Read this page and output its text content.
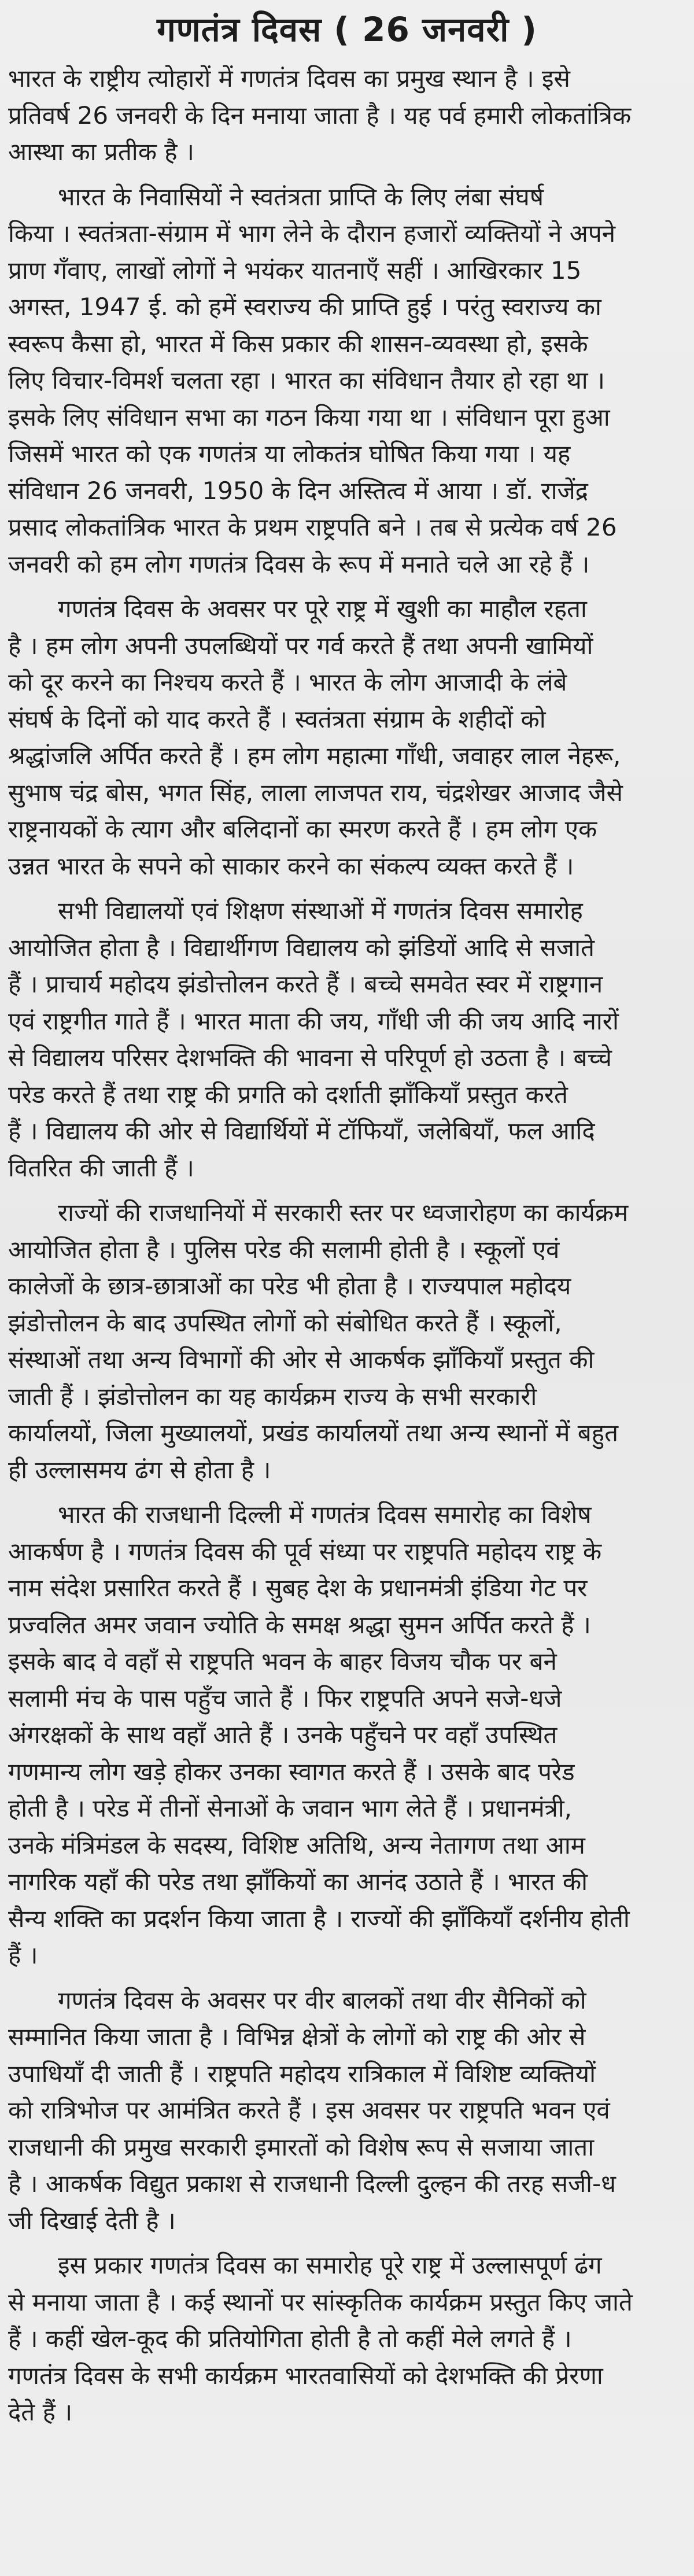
गणतंत्र दिवस ( 26 जनवरी )
भारत के राष्ट्रीय त्योहारों में गणतंत्र दिवस का प्रमुख स्थान है । इसे
प्रतिवर्ष 26 जनवरी के दिन मनाया जाता है । यह पर्व हमारी लोकतांत्रिक
आस्था का प्रतीक है ।
भारत के निवासियों ने स्वतंत्रता प्राप्ति के लिए लंबा संघर्ष
किया । स्वतंत्रता-संग्राम में भाग लेने के दौरान हजारों व्यक्तियों ने अपने
प्राण गँवाए, लाखों लोगों ने भयंकर यातनाएँ सहीं । आखिरकार 15
अगस्त, 1947 ई. को हमें स्वराज्य की प्राप्ति हुई । परंतु स्वराज्य का
स्वरूप कैसा हो, भारत में किस प्रकार की शासन-व्यवस्था हो, इसके
लिए विचार-विमर्श चलता रहा । भारत का संविधान तैयार हो रहा था ।
इसके लिए संविधान सभा का गठन किया गया था । संविधान पूरा हुआ
जिसमें भारत को एक गणतंत्र या लोकतंत्र घोषित किया गया । यह
संविधान 26 जनवरी, 1950 के दिन अस्तित्व में आया । डॉ. राजेंद्र
प्रसाद लोकतांत्रिक भारत के प्रथम राष्ट्रपति बने । तब से प्रत्येक वर्ष 26
जनवरी को हम लोग गणतंत्र दिवस के रूप में मनाते चले आ रहे हैं ।
गणतंत्र दिवस के अवसर पर पूरे राष्ट्र में खुशी का माहौल रहता
है । हम लोग अपनी उपलब्धियों पर गर्व करते हैं तथा अपनी खामियों
को दूर करने का निश्चय करते हैं । भारत के लोग आजादी के लंबे
संघर्ष के दिनों को याद करते हैं । स्वतंत्रता संग्राम के शहीदों को
श्रद्धांजलि अर्पित करते हैं । हम लोग महात्मा गाँधी, जवाहर लाल नेहरू,
सुभाष चंद्र बोस, भगत सिंह, लाला लाजपत राय, चंद्रशेखर आजाद जैसे
राष्ट्रनायकों के त्याग और बलिदानों का स्मरण करते हैं । हम लोग एक
उन्नत भारत के सपने को साकार करने का संकल्प व्यक्त करते हैं ।
सभी विद्यालयों एवं शिक्षण संस्थाओं में गणतंत्र दिवस समारोह
आयोजित होता है । विद्यार्थीगण विद्यालय को झंडियों आदि से सजाते
हैं । प्राचार्य महोदय झंडोत्तोलन करते हैं । बच्चे समवेत स्वर में राष्ट्रगान
एवं राष्ट्रगीत गाते हैं । भारत माता की जय, गाँधी जी की जय आदि नारों
से विद्यालय परिसर देशभक्ति की भावना से परिपूर्ण हो उठता है । बच्चे
परेड करते हैं तथा राष्ट्र की प्रगति को दर्शाती झाँकियाँ प्रस्तुत करते
हैं । विद्यालय की ओर से विद्यार्थियों में टॉफियाँ, जलेबियाँ, फल आदि
वितरित की जाती हैं ।
राज्यों की राजधानियों में सरकारी स्तर पर ध्वजारोहण का कार्यक्रम
आयोजित होता है । पुलिस परेड की सलामी होती है । स्कूलों एवं
कालेजों के छात्र-छात्राओं का परेड भी होता है । राज्यपाल महोदय
झंडोत्तोलन के बाद उपस्थित लोगों को संबोधित करते हैं । स्कूलों,
संस्थाओं तथा अन्य विभागों की ओर से आकर्षक झाँकियाँ प्रस्तुत की
जाती हैं । झंडोत्तोलन का यह कार्यक्रम राज्य के सभी सरकारी
कार्यालयों, जिला मुख्यालयों, प्रखंड कार्यालयों तथा अन्य स्थानों में बहुत
ही उल्लासमय ढंग से होता है ।
भारत की राजधानी दिल्ली में गणतंत्र दिवस समारोह का विशेष
आकर्षण है । गणतंत्र दिवस की पूर्व संध्या पर राष्ट्रपति महोदय राष्ट्र के
नाम संदेश प्रसारित करते हैं । सुबह देश के प्रधानमंत्री इंडिया गेट पर
प्रज्वलित अमर जवान ज्योति के समक्ष श्रद्धा सुमन अर्पित करते हैं ।
इसके बाद वे वहाँ से राष्ट्रपति भवन के बाहर विजय चौक पर बने
सलामी मंच के पास पहुँच जाते हैं । फिर राष्ट्रपति अपने सजे-धजे
अंगरक्षकों के साथ वहाँ आते हैं । उनके पहुँचने पर वहाँ उपस्थित
गणमान्य लोग खड़े होकर उनका स्वागत करते हैं । उसके बाद परेड
होती है । परेड में तीनों सेनाओं के जवान भाग लेते हैं । प्रधानमंत्री,
उनके मंत्रिमंडल के सदस्य, विशिष्ट अतिथि, अन्य नेतागण तथा आम
नागरिक यहाँ की परेड तथा झाँकियों का आनंद उठाते हैं । भारत की
सैन्य शक्ति का प्रदर्शन किया जाता है । राज्यों की झाँकियाँ दर्शनीय होती
हैं ।
गणतंत्र दिवस के अवसर पर वीर बालकों तथा वीर सैनिकों को
सम्मानित किया जाता है । विभिन्न क्षेत्रों के लोगों को राष्ट्र की ओर से
उपाधियाँ दी जाती हैं । राष्ट्रपति महोदय रात्रिकाल में विशिष्ट व्यक्तियों
को रात्रिभोज पर आमंत्रित करते हैं । इस अवसर पर राष्ट्रपति भवन एवं
राजधानी की प्रमुख सरकारी इमारतों को विशेष रूप से सजाया जाता
है । आकर्षक विद्युत प्रकाश से राजधानी दिल्ली दुल्हन की तरह सजी-ध
जी दिखाई देती है ।
इस प्रकार गणतंत्र दिवस का समारोह पूरे राष्ट्र में उल्लासपूर्ण ढंग
से मनाया जाता है । कई स्थानों पर सांस्कृतिक कार्यक्रम प्रस्तुत किए जाते
हैं । कहीं खेल-कूद की प्रतियोगिता होती है तो कहीं मेले लगते हैं ।
गणतंत्र दिवस के सभी कार्यक्रम भारतवासियों को देशभक्ति की प्रेरणा
देते हैं ।
